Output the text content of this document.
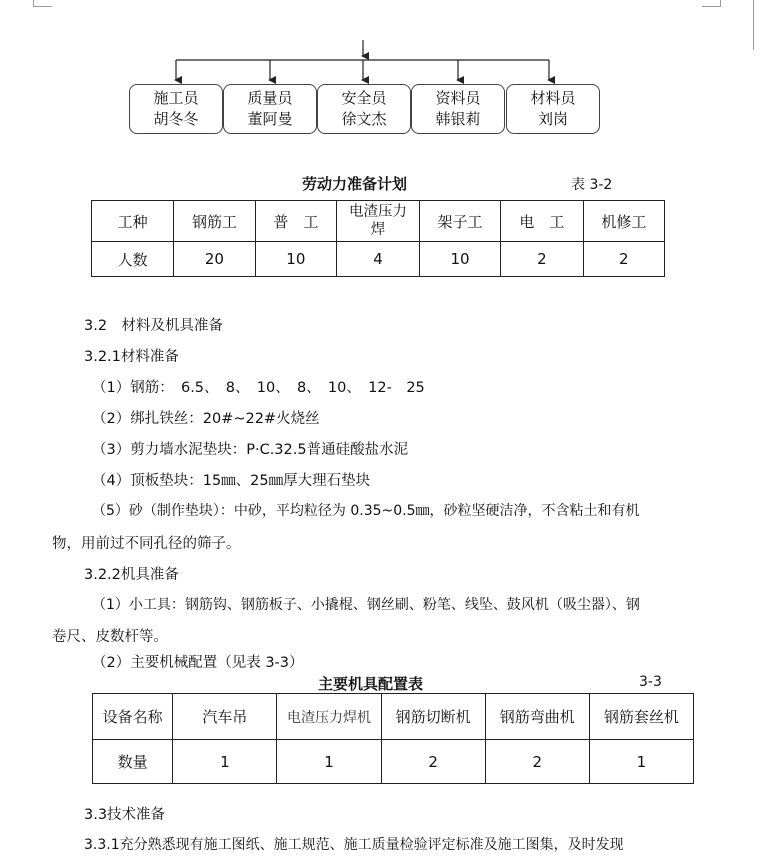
施工员
胡冬冬
质量员
董阿曼
安全员
徐文杰
资料员
韩银莉
材料员
刘岗
劳动力准备计划	表 3-2
工种	钢筋工	普　工	电渣压力焊	架子工	电　工	机修工
人数	20	10	4	10	2	2
3.2　材料及机具准备
3.2.1材料准备
（1）钢筋：　6.5、　8、　10、　8、　10、　12-　25
（2）绑扎铁丝：20#~22#火烧丝
（3）剪力墙水泥垫块：P·C.32.5普通硅酸盐水泥
（4）顶板垫块：15㎜、25㎜厚大理石垫块
（5）砂（制作垫块）：中砂，平均粒径为 0.35~0.5㎜，砂粒坚硬洁净，不含粘土和有机
物，用前过不同孔径的筛子。
3.2.2机具准备
（1）小工具：钢筋钩、钢筋板子、小撬棍、钢丝刷、粉笔、线坠、鼓风机（吸尘器）、钢
卷尺、皮数杆等。
（2）主要机械配置（见表 3-3）
主要机具配置表	3-3
设备名称	汽车吊	电渣压力焊机	钢筋切断机	钢筋弯曲机	钢筋套丝机
数量	1	1	2	2	1
3.3技术准备
3.3.1充分熟悉现有施工图纸、施工规范、施工质量检验评定标准及施工图集，及时发现
